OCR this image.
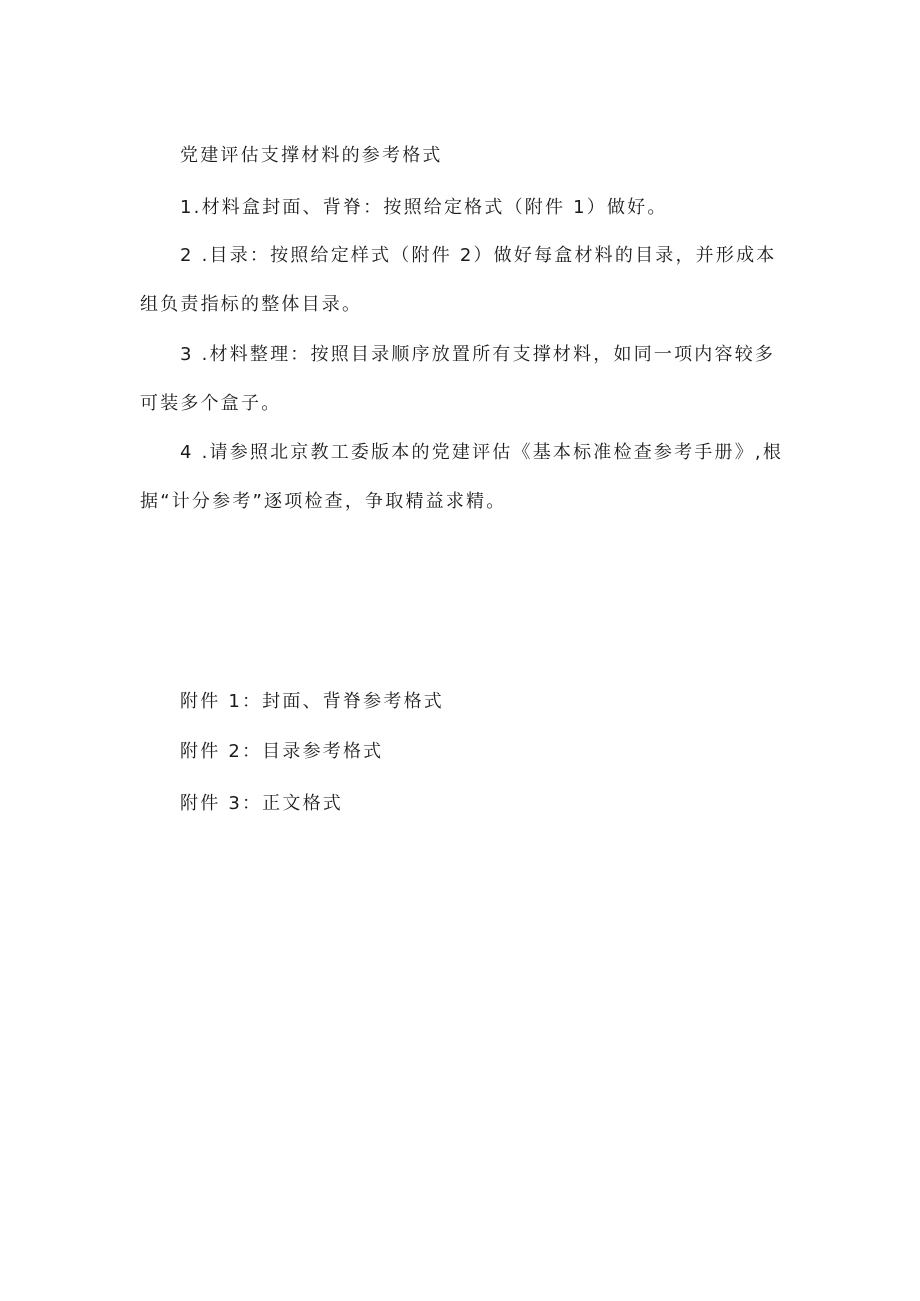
党建评估支撑材料的参考格式
1.材料盒封面、背脊：按照给定格式（附件 1）做好。
2 .目录：按照给定样式（附件 2）做好每盒材料的目录，并形成本
组负责指标的整体目录。
3 .材料整理：按照目录顺序放置所有支撑材料，如同一项内容较多
可装多个盒子。
4 .请参照北京教工委版本的党建评估《基本标准检查参考手册》,根
据“计分参考”逐项检查，争取精益求精。
附件 1：封面、背脊参考格式
附件 2：目录参考格式
附件 3：正文格式
